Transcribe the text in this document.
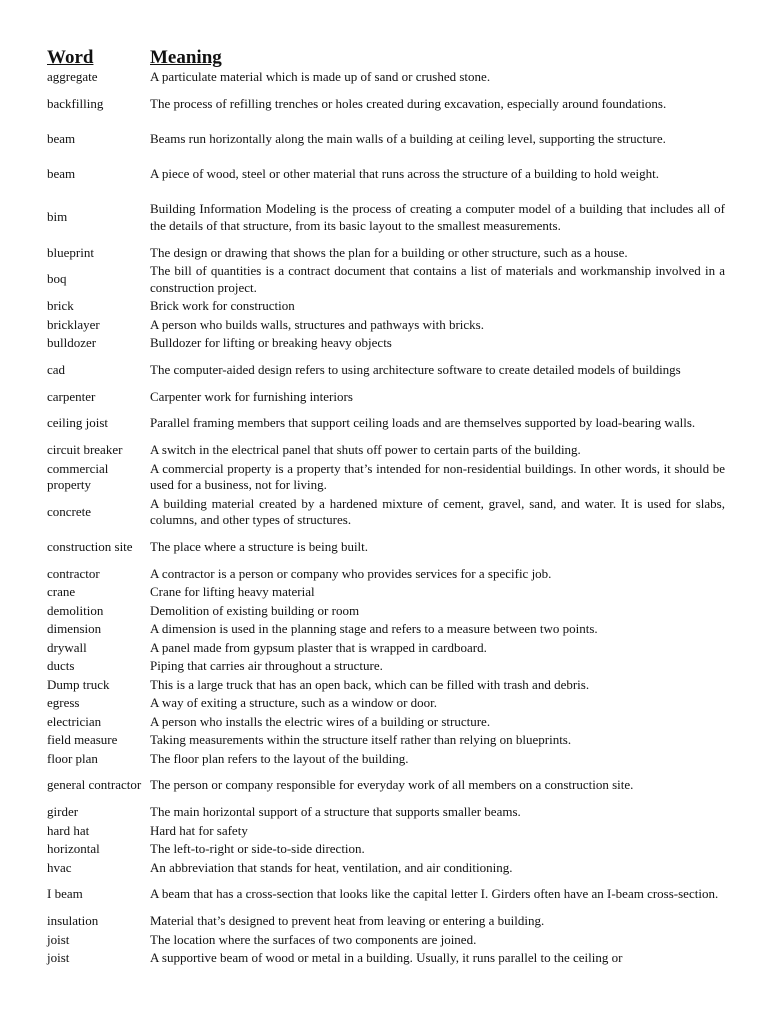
Word	Meaning
aggregate	A particulate material which is made up of sand or crushed stone.
backfilling	The process of refilling trenches or holes created during excavation, especially around foundations.
beam	Beams run horizontally along the main walls of a building at ceiling level, supporting the structure.
beam	A piece of wood, steel or other material that runs across the structure of a building to hold weight.
bim	Building Information Modeling is the process of creating a computer model of a building that includes all of the details of that structure, from its basic layout to the smallest measurements.
blueprint	The design or drawing that shows the plan for a building or other structure, such as a house.
boq	The bill of quantities is a contract document that contains a list of materials and workmanship involved in a construction project.
brick	Brick work for construction
bricklayer	A person who builds walls, structures and pathways with bricks.
bulldozer	Bulldozer for lifting or breaking heavy objects
cad	The computer-aided design refers to using architecture software to create detailed models of buildings
carpenter	Carpenter work for furnishing interiors
ceiling joist	Parallel framing members that support ceiling loads and are themselves supported by load-bearing walls.
circuit breaker	A switch in the electrical panel that shuts off power to certain parts of the building.
commercial property	A commercial property is a property that’s intended for non-residential buildings. In other words, it should be used for a business, not for living.
concrete	A building material created by a hardened mixture of cement, gravel, sand, and water. It is used for slabs, columns, and other types of structures.
construction site	The place where a structure is being built.
contractor	A contractor is a person or company who provides services for a specific job.
crane	Crane for lifting heavy material
demolition	Demolition of existing building or room
dimension	A dimension is used in the planning stage and refers to a measure between two points.
drywall	A panel made from gypsum plaster that is wrapped in cardboard.
ducts	Piping that carries air throughout a structure.
Dump truck	This is a large truck that has an open back, which can be filled with trash and debris.
egress	A way of exiting a structure, such as a window or door.
electrician	A person who installs the electric wires of a building or structure.
field measure	Taking measurements within the structure itself rather than relying on blueprints.
floor plan	The floor plan refers to the layout of the building.
general contractor	The person or company responsible for everyday work of all members on a construction site.
girder	The main horizontal support of a structure that supports smaller beams.
hard hat	Hard hat for safety
horizontal	The left-to-right or side-to-side direction.
hvac	An abbreviation that stands for heat, ventilation, and air conditioning.
I beam	A beam that has a cross-section that looks like the capital letter I. Girders often have an I-beam cross-section.
insulation	Material that’s designed to prevent heat from leaving or entering a building.
joist	The location where the surfaces of two components are joined.
joist	A supportive beam of wood or metal in a building. Usually, it runs parallel to the ceiling or
